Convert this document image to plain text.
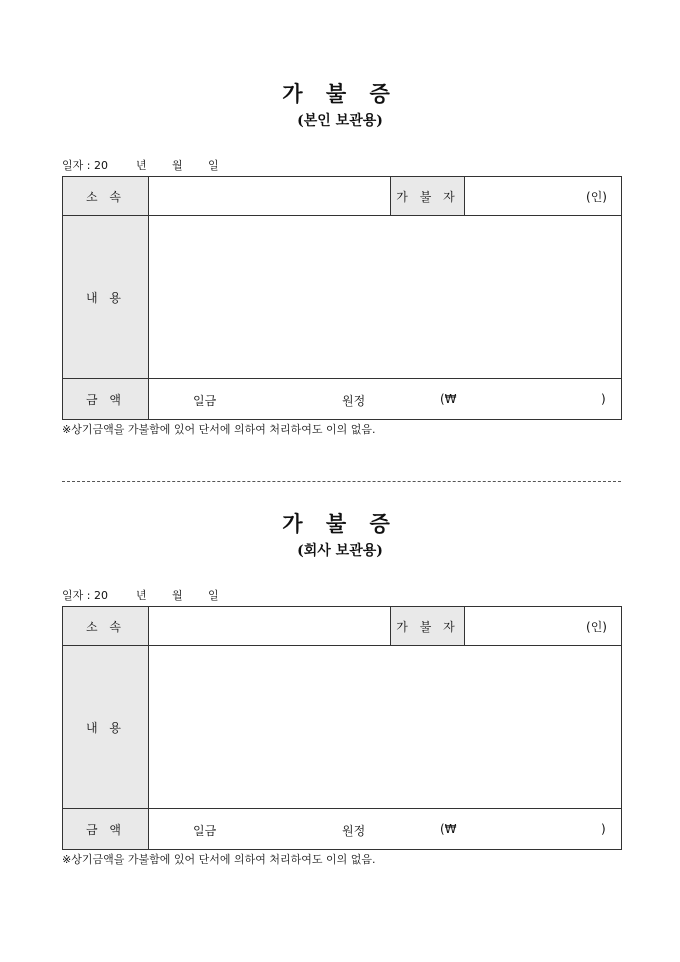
가 불 증
(본인 보관용)
일자 : 20	년 월 일
소 속		가 불 자	(인)
내 용			
금 액	일금 원정 (₩ )		
※상기금액을 가불함에 있어 단서에 의하여 처리하여도 이의 없음.
가 불 증
(회사 보관용)
일자 : 20	년 월 일
소 속		가 불 자	(인)
내 용			
금 액	일금 원정 (₩ )		
※상기금액을 가불함에 있어 단서에 의하여 처리하여도 이의 없음.
